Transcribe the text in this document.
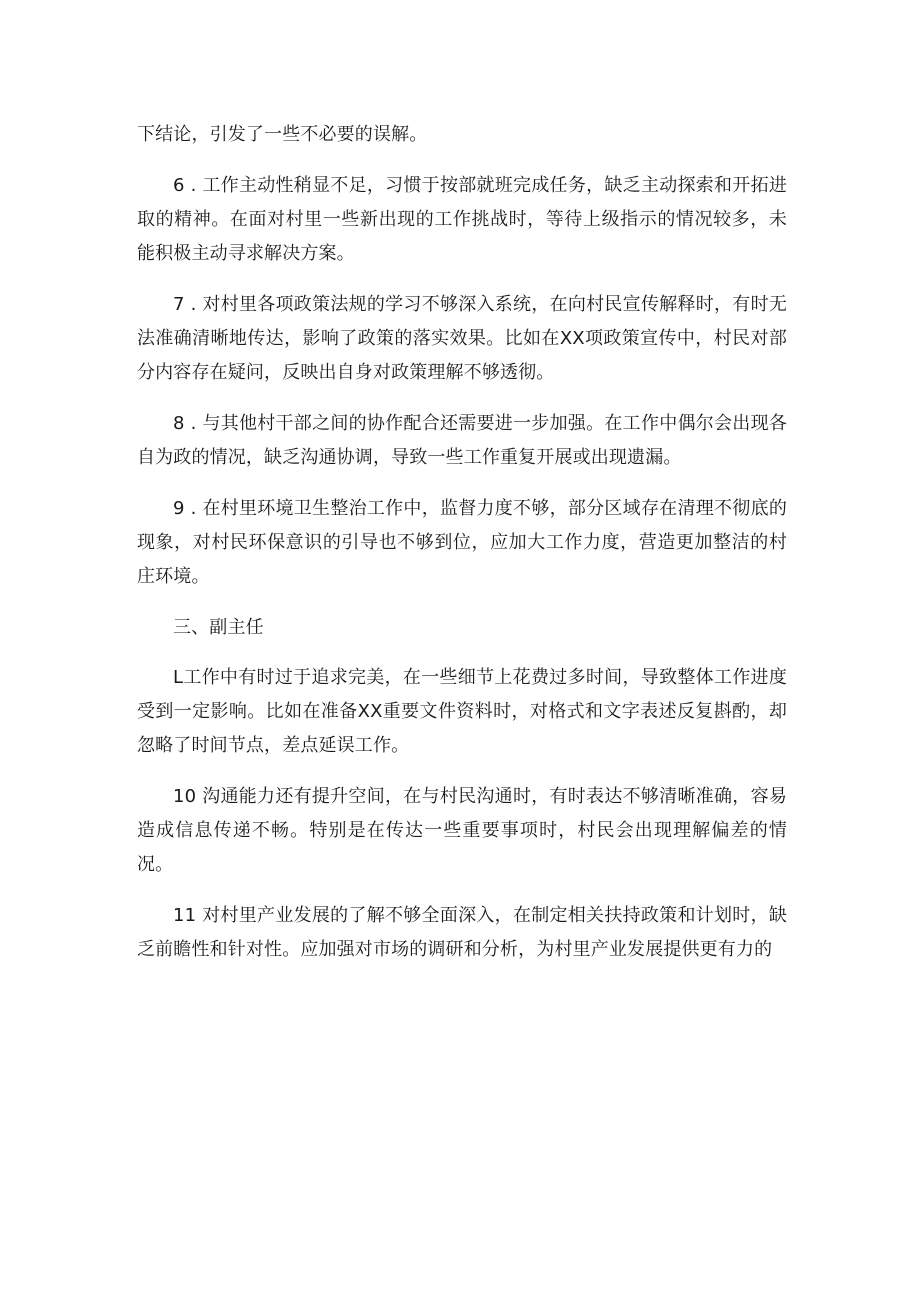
下结论，引发了一些不必要的误解。

6 . 工作主动性稍显不足，习惯于按部就班完成任务，缺乏主动探索和开拓进取的精神。在面对村里一些新出现的工作挑战时，等待上级指示的情况较多，未能积极主动寻求解决方案。

7 . 对村里各项政策法规的学习不够深入系统，在向村民宣传解释时，有时无法准确清晰地传达，影响了政策的落实效果。比如在XX项政策宣传中，村民对部分内容存在疑问，反映出自身对政策理解不够透彻。

8 . 与其他村干部之间的协作配合还需要进一步加强。在工作中偶尔会出现各自为政的情况，缺乏沟通协调，导致一些工作重复开展或出现遗漏。

9 . 在村里环境卫生整治工作中，监督力度不够，部分区域存在清理不彻底的现象，对村民环保意识的引导也不够到位，应加大工作力度，营造更加整洁的村庄环境。

三、副主任

L工作中有时过于追求完美，在一些细节上花费过多时间，导致整体工作进度受到一定影响。比如在准备XX重要文件资料时，对格式和文字表述反复斟酌，却忽略了时间节点，差点延误工作。

10 沟通能力还有提升空间，在与村民沟通时，有时表达不够清晰准确，容易造成信息传递不畅。特别是在传达一些重要事项时，村民会出现理解偏差的情况。

11 对村里产业发展的了解不够全面深入，在制定相关扶持政策和计划时，缺乏前瞻性和针对性。应加强对市场的调研和分析，为村里产业发展提供更有力的
